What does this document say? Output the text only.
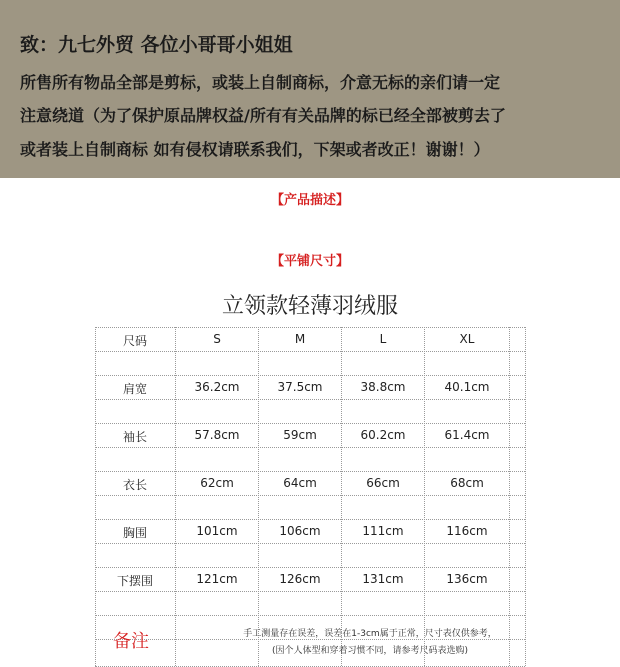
致：九七外贸 各位小哥哥小姐姐
所售所有物品全部是剪标，或装上自制商标，介意无标的亲们请一定
注意绕道（为了保护原品牌权益/所有有关品牌的标已经全部被剪去了
或者装上自制商标 如有侵权请联系我们，下架或者改正！谢谢！）
【产品描述】
【平铺尺寸】
立领款轻薄羽绒服
尺码	S	M	L	XL
肩宽	36.2cm	37.5cm	38.8cm	40.1cm
袖长	57.8cm	59cm	60.2cm	61.4cm
衣长	62cm	64cm	66cm	68cm
胸围	101cm	106cm	111cm	116cm
下摆围	121cm	126cm	131cm	136cm
备注	手工测量存在误差，误差在1-3cm属于正常，尺寸表仅供参考，
(因个人体型和穿着习惯不同，请参考尺码表选购)
